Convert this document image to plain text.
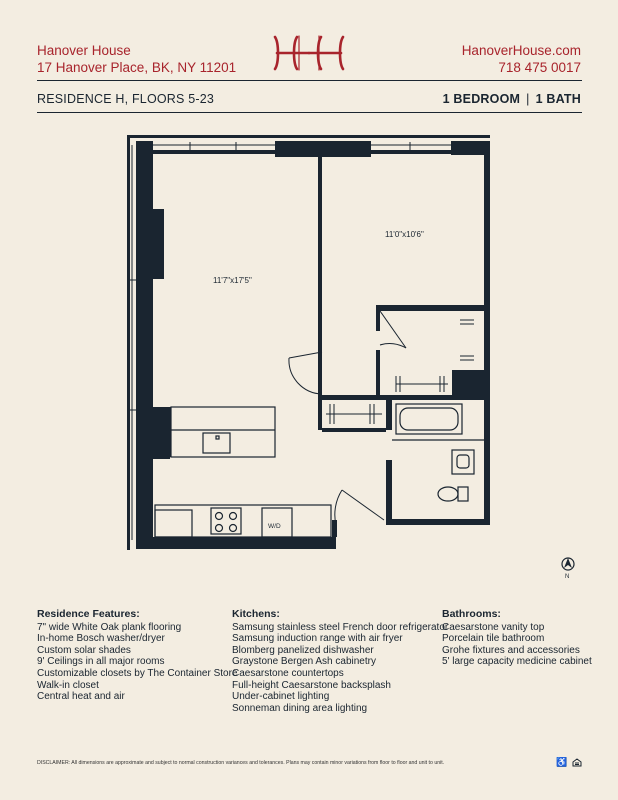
Hanover House
17 Hanover Place, BK, NY 11201
HanoverHouse.com
718 475 0017
RESIDENCE H, FLOORS 5-23	1 BEDROOM | 1 BATH
11'7"x17'5"
11'0"x10'6"
W/D
N
Residence Features:
7" wide White Oak plank flooring
In-home Bosch washer/dryer
Custom solar shades
9' Ceilings in all major rooms
Customizable closets by The Container Store
Walk-in closet
Central heat and air
Kitchens:
Samsung stainless steel French door refrigerator
Samsung induction range with air fryer
Blomberg panelized dishwasher
Graystone Bergen Ash cabinetry
Caesarstone countertops
Full-height Caesarstone backsplash
Under-cabinet lighting
Sonneman dining area lighting
Bathrooms:
Caesarstone vanity top
Porcelain tile bathroom
Grohe fixtures and accessories
5' large capacity medicine cabinet
DISCLAIMER: All dimensions are approximate and subject to normal construction variances and tolerances. Plans may contain minor variations from floor to floor and unit to unit.	♿
